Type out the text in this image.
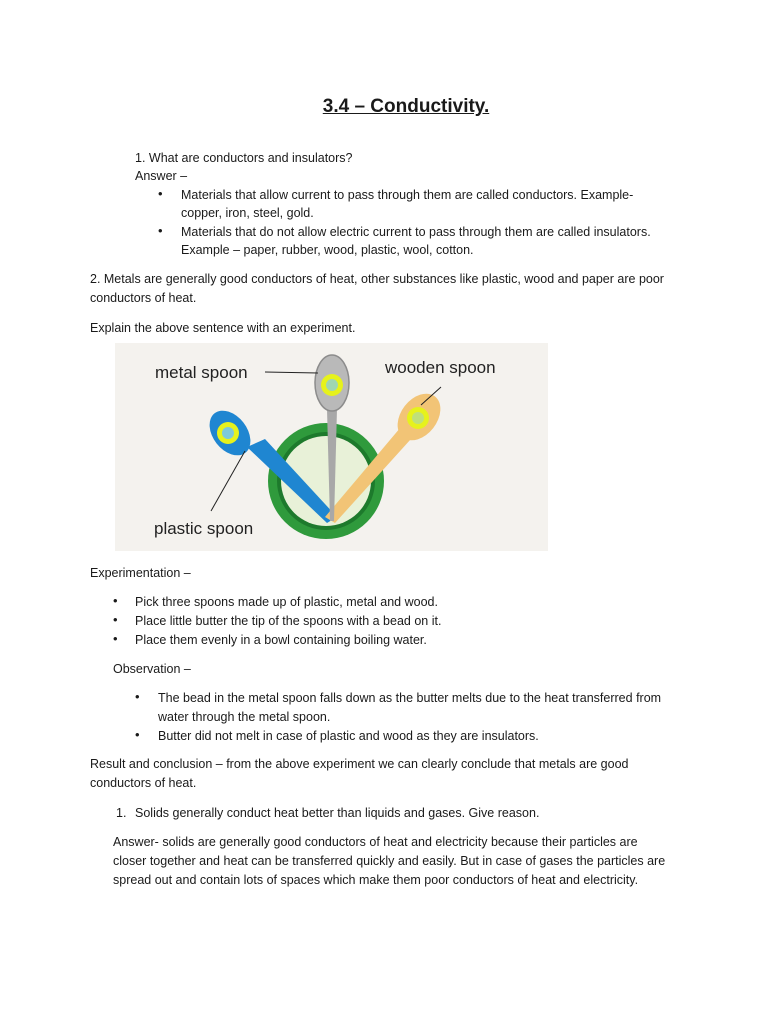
3.4 – Conductivity.
1. What are conductors and insulators?
Answer –
• Materials that allow current to pass through them are called conductors. Example-
copper, iron, steel, gold.
• Materials that do not allow electric current to pass through them are called insulators.
Example – paper, rubber, wood, plastic, wool, cotton.
2. Metals are generally good conductors of heat, other substances like plastic, wood and paper are poor
conductors of heat.
Explain the above sentence with an experiment.
metal spoon	wooden spoon
plastic spoon
Experimentation –
• Pick three spoons made up of plastic, metal and wood.
• Place little butter the tip of the spoons with a bead on it.
• Place them evenly in a bowl containing boiling water.
Observation –
• The bead in the metal spoon falls down as the butter melts due to the heat transferred from
water through the metal spoon.
• Butter did not melt in case of plastic and wood as they are insulators.
Result and conclusion – from the above experiment we can clearly conclude that metals are good
conductors of heat.
1. Solids generally conduct heat better than liquids and gases. Give reason.
Answer- solids are generally good conductors of heat and electricity because their particles are
closer together and heat can be transferred quickly and easily. But in case of gases the particles are
spread out and contain lots of spaces which make them poor conductors of heat and electricity.
